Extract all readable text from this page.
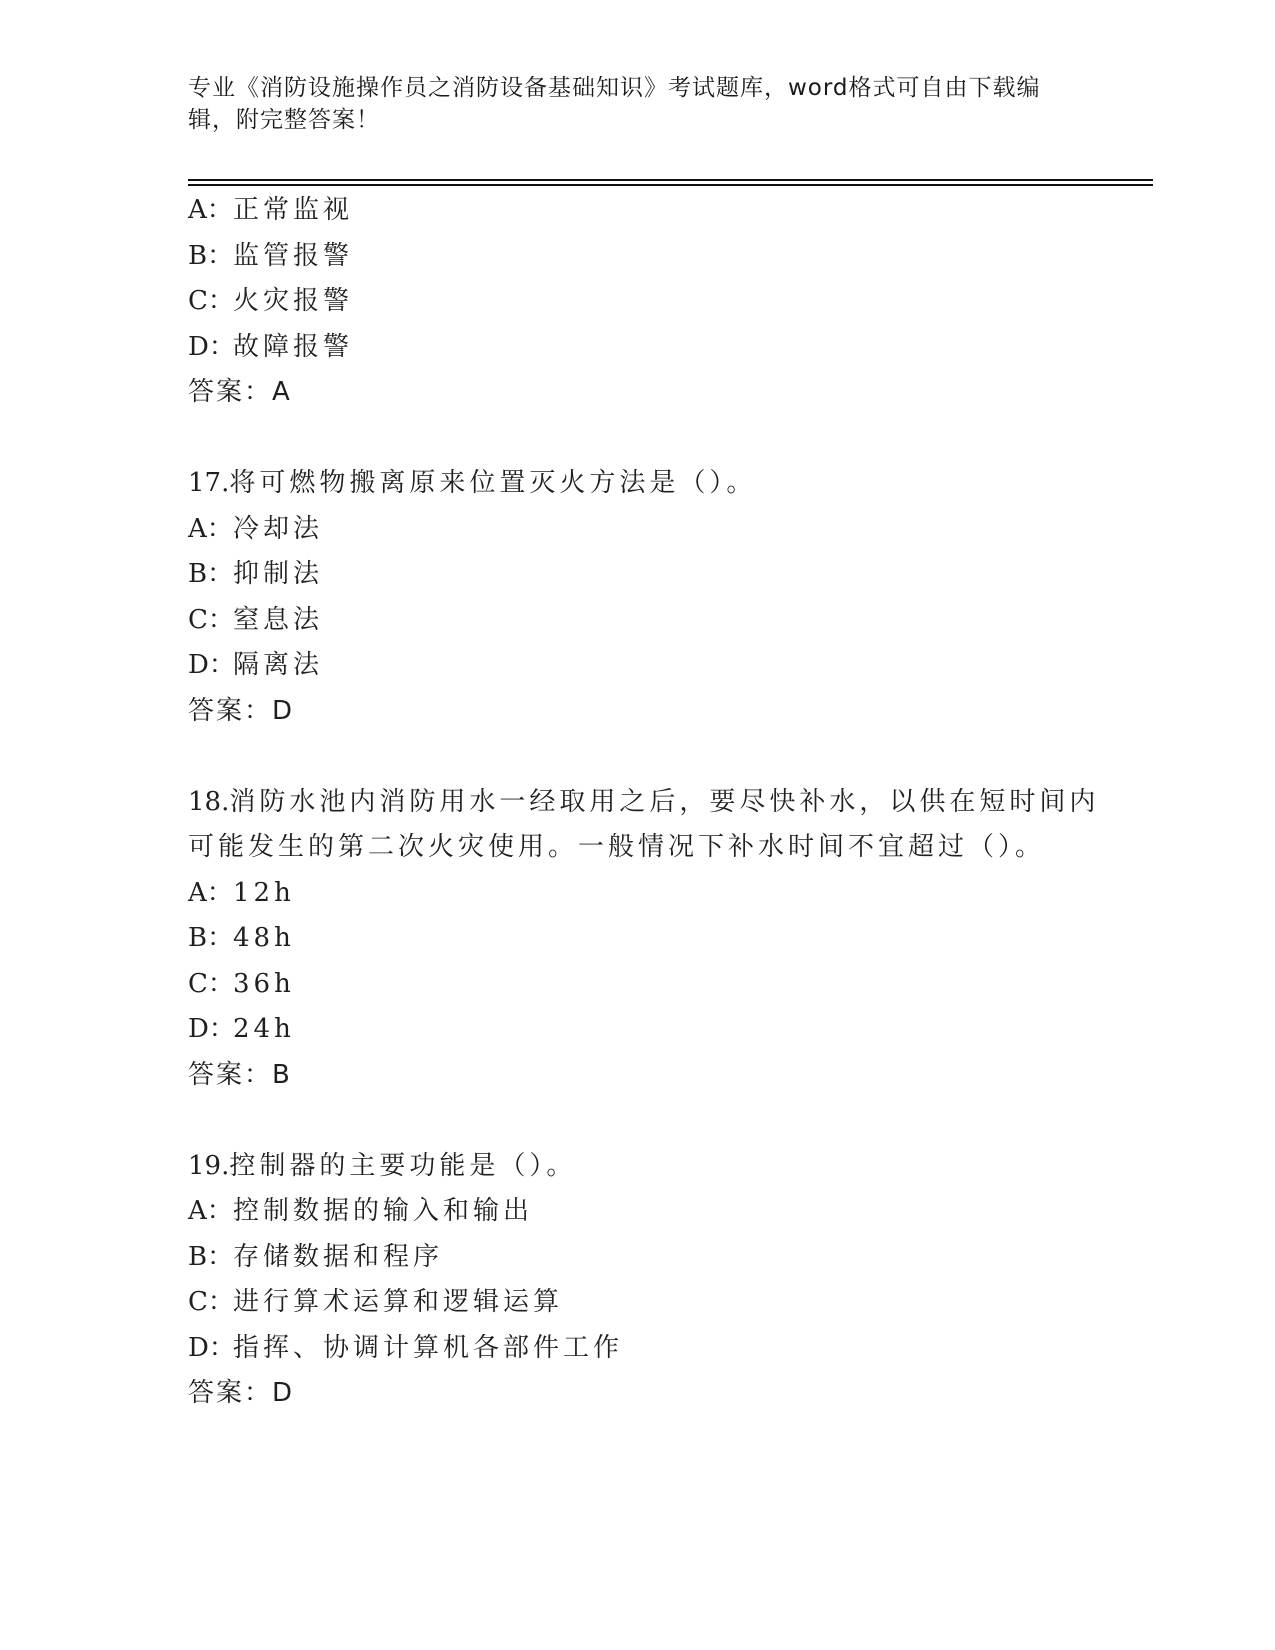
专业《消防设施操作员之消防设备基础知识》考试题库，word格式可自由下载编辑，附完整答案！
A：正常监视
B：监管报警
C：火灾报警
D：故障报警
答案：A
17.将可燃物搬离原来位置灭火方法是（）。
A：冷却法
B：抑制法
C：窒息法
D：隔离法
答案：D
18.消防水池内消防用水一经取用之后，要尽快补水，以供在短时间内
可能发生的第二次火灾使用。一般情况下补水时间不宜超过（）。
A：12h
B：48h
C：36h
D：24h
答案：B
19.控制器的主要功能是（）。
A：控制数据的输入和输出
B：存储数据和程序
C：进行算术运算和逻辑运算
D：指挥、协调计算机各部件工作
答案：D
